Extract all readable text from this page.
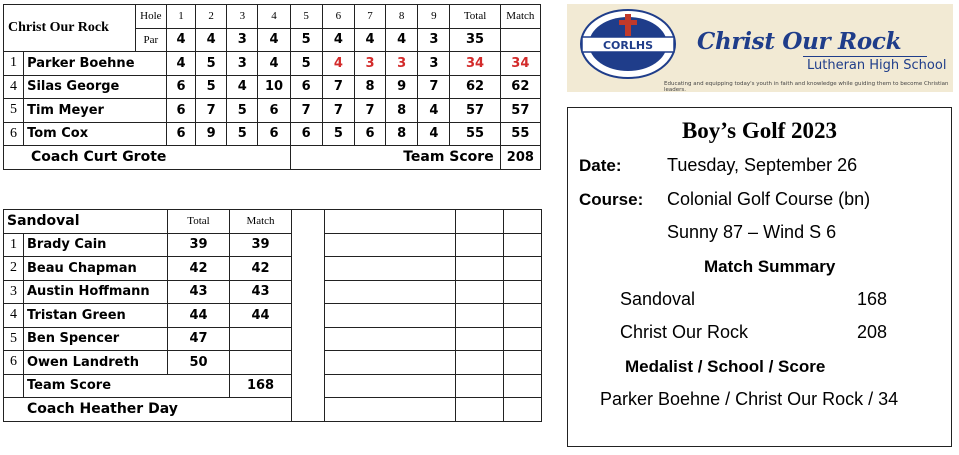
Christ Our Rock		Hole	1	2	3	4	5	6	7	8	9	Total	Match
		Par	4	4	3	4	5	4	4	4	3	35	
1	Parker Boehne		4	5	3	4	5	4	3	3	3	34	34
4	Silas George		6	5	4	10	6	7	8	9	7	62	62
5	Tim Meyer		6	7	5	6	7	7	7	8	4	57	57
6	Tom Cox		6	9	5	6	6	5	6	8	4	55	55
Coach Curt Grote							Team Score						208
Sandoval		Total	Match				
1	Brady Cain	39	39				
2	Beau Chapman	42	42				
3	Austin Hoffmann	43	43				
4	Tristan Green	44	44				
5	Ben Spencer	47					
6	Owen Landreth	50					
	Team Score		168				
Coach Heather Day							
CORLHS Christ Our Rock
Lutheran High School
Educating and equipping today's youth in faith and knowledge while guiding them to become Christian leaders.
Boy’s Golf 2023
Date:	Tuesday, September 26
Course: Colonial Golf Course (bn)
Sunny 87 – Wind S 6
Match Summary
Sandoval	168
Christ Our Rock	208
Medalist / School / Score
Parker Boehne / Christ Our Rock / 34
